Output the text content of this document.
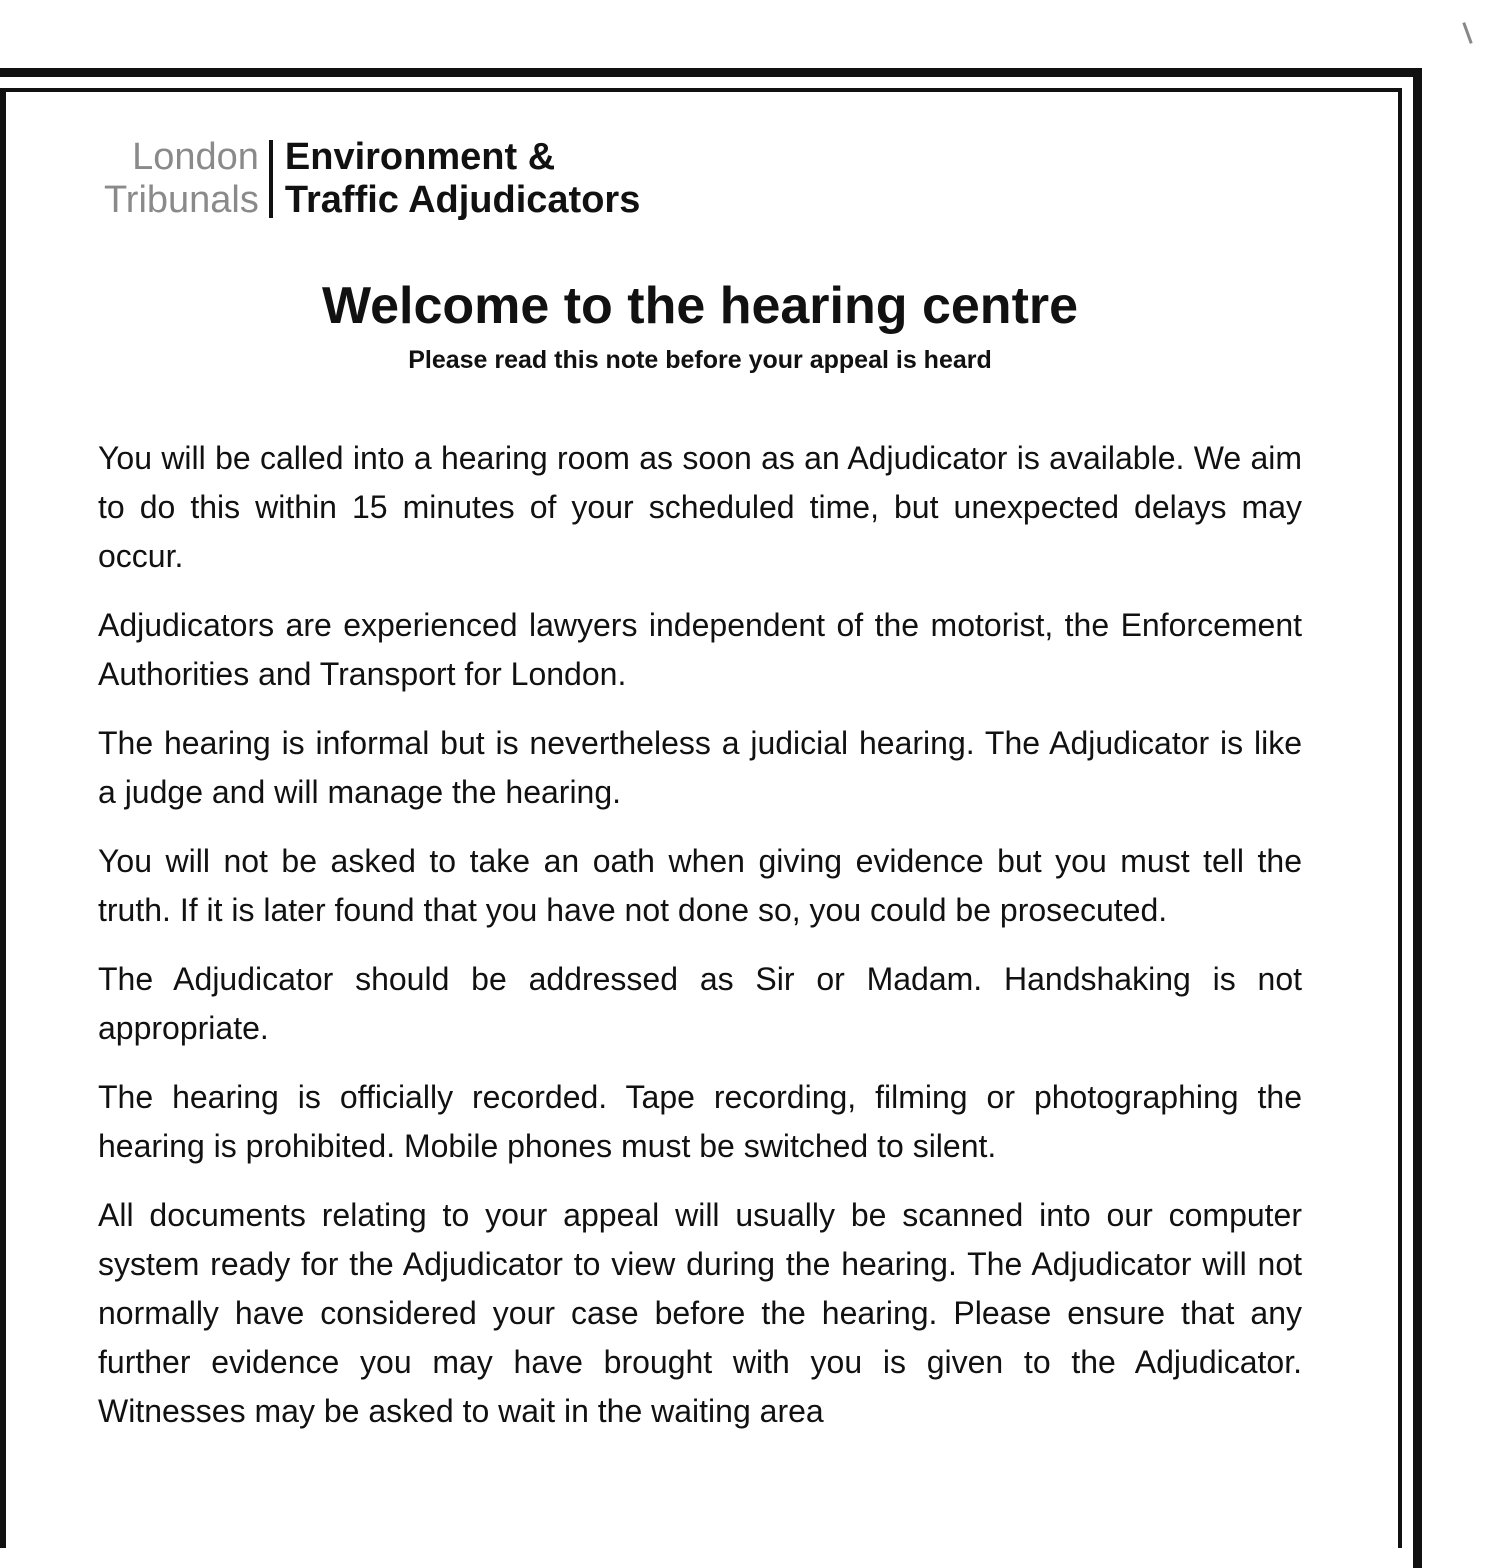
London
Tribunals
Environment &
Traffic Adjudicators
Welcome to the hearing centre
Please read this note before your appeal is heard

You will be called into a hearing room as soon as an Adjudicator is available. We aim to do this within 15 minutes of your scheduled time, but unexpected delays may occur.

Adjudicators are experienced lawyers independent of the motorist, the Enforcement Authorities and Transport for London.

The hearing is informal but is nevertheless a judicial hearing. The Adjudicator is like a judge and will manage the hearing.

You will not be asked to take an oath when giving evidence but you must tell the truth. If it is later found that you have not done so, you could be prosecuted.

The Adjudicator should be addressed as Sir or Madam. Handshaking is not appropriate.

The hearing is officially recorded. Tape recording, filming or photographing the hearing is prohibited. Mobile phones must be switched to silent.

All documents relating to your appeal will usually be scanned into our computer system ready for the Adjudicator to view during the hearing. The Adjudicator will not normally have considered your case before the hearing. Please ensure that any further evidence you may have brought with you is given to the Adjudicator. Witnesses may be asked to wait in the waiting area
